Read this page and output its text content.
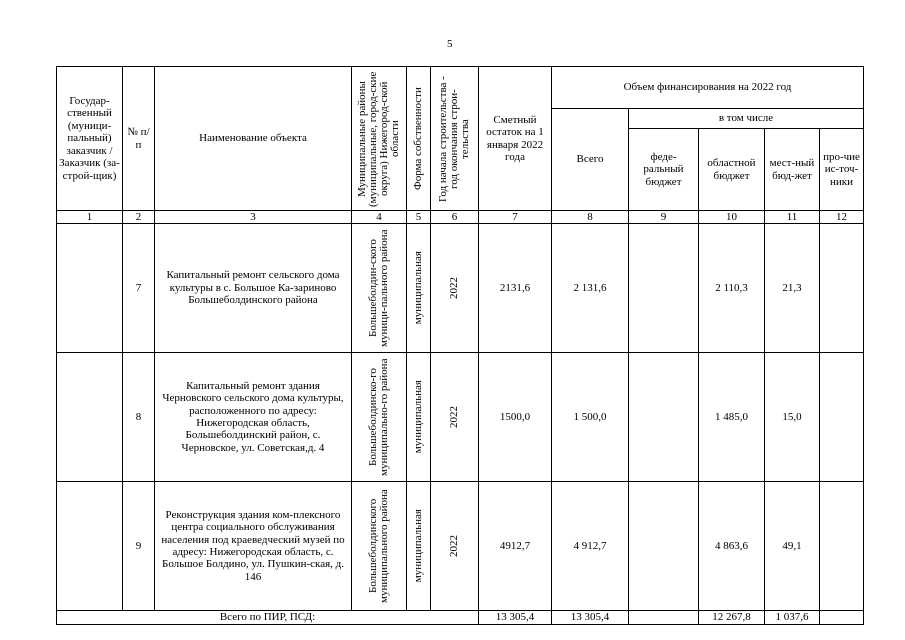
5
Государ-ственный (муници-пальный) заказчик / Заказчик (за-строй-щик)	№ п/п	Наименование объекта	Муниципальные районы (муниципальные, город-ские округа) Нижегород-ской области	Форма собственности	Год начала строительства - год окончания строи-тельства	Сметный остаток на 1 января 2022 года	Объем финансирования на 2022 год				
							Всего	в том числе			
								феде-ральный бюджет	областной бюджет	мест-ный бюд-жет	про-чие ис-точ-ники
1	2	3	4	5	6	7	8	9	10	11	12
	7	Капитальный ремонт сельского дома культуры в с. Большое Ка-зариново Большеболдинского района	Большеболдин-ского муници-пального района	муниципальная	2022	2131,6	2 131,6		2 110,3	21,3	
	8	Капитальный ремонт здания Черновского сельского дома культуры, расположенного по адресу: Нижегородская область, Большеболдинский район, с. Черновское, ул. Советская,д. 4	Большеболдинско-го муниципально-го района	муниципальная	2022	1500,0	1 500,0		1 485,0	15,0	
	9	Реконструкция здания ком-плексного центра социального обслуживания населения под краеведческий музей по адресу: Нижегородская область, с. Большое Болдино, ул. Пушкин-ская, д. 146	Большеболдинского муниципального района	муниципальная	2022	4912,7	4 912,7		4 863,6	49,1	
Всего по ПИР, ПСД:						13 305,4	13 305,4		12 267,8	1 037,6	
